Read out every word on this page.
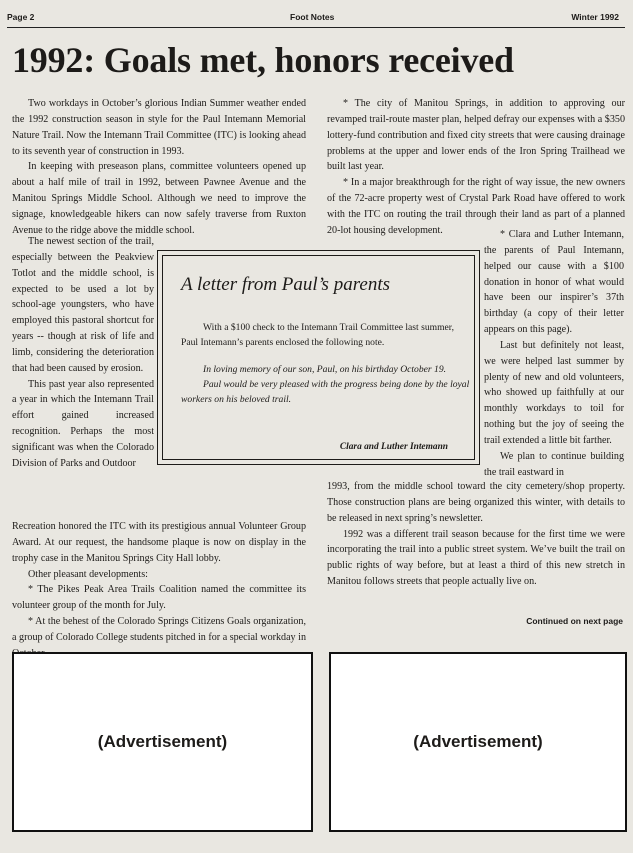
Page 2	Foot Notes	Winter 1992
1992: Goals met, honors received

Two workdays in October’s glorious Indian Summer weather ended the 1992 construction season in style for the Paul Intemann Memorial Nature Trail. Now the Intemann Trail Committee (ITC) is looking ahead to its seventh year of construction in 1993.

In keeping with preseason plans, committee volunteers opened up about a half mile of trail in 1992, between Pawnee Avenue and the Manitou Springs Middle School. Although we need to improve the signage, knowledgeable hikers can now safely traverse from Ruxton Avenue to the ridge above the middle school.

The newest section of the trail, especially between the Peakview Totlot and the middle school, is expected to be used a lot by school-age youngsters, who have employed this pastoral shortcut for years -- though at risk of life and limb, considering the deterioration that had been caused by erosion.

This past year also represented a year in which the Intemann Trail effort gained increased recognition. Perhaps the most significant was when the Colorado Division of Parks and Outdoor

Recreation honored the ITC with its prestigious annual Volunteer Group Award. At our request, the handsome plaque is now on display in the trophy case in the Manitou Springs City Hall lobby.

Other pleasant developments:

* The Pikes Peak Area Trails Coalition named the committee its volunteer group of the month for July.

* At the behest of the Colorado Springs Citizens Goals organization, a group of Colorado College students pitched in for a special workday in

* The city of Manitou Springs, in addition to approving our revamped trail-route master plan, helped defray our expenses with a $350 lottery-fund contribution and fixed city streets that were causing drainage problems at the upper and lower ends of the Iron Spring Trailhead we built last year.

* In a major breakthrough for the right of way issue, the new owners of the 72-acre property west of Crystal Park Road have offered to work with the ITC on routing the trail through their land as part of a planned 20-lot housing development.	* Clara and Luther Intemann, the parents of Paul Intemann, helped our cause with a $100 donation in honor of what would have been our inspirer’s 37th birthday (a copy of their letter appears on this page).

Last but definitely not least, we were helped last summer by plenty of new and old volunteers, who showed up faithfully at our monthly workdays to toil for nothing but the joy of seeing the trail extended a little bit farther.

We plan to continue building the trail eastward in

1993, from the middle school toward the city cemetery/shop property. Those construction plans are being organized this winter, with details to be released in next spring’s newsletter.

1992 was a different trail season because for the first time we were incorporating the trail into a public street system. We’ve built the trail on public rights of way before, but at least a third of this new stretch in Manitou follows streets that people actually live on.

A letter from Paul’s parents
With a $100 check to the Intemann Trail Committee last summer, Paul Intemann’s parents enclosed the following note.
In loving memory of our son, Paul, on his birthday October 19.
Paul would be very pleased with the progress being done by the loyal workers on his beloved trail.
Clara and Luther Intemann
Continued on next page
(Advertisement)	(Advertisement)
